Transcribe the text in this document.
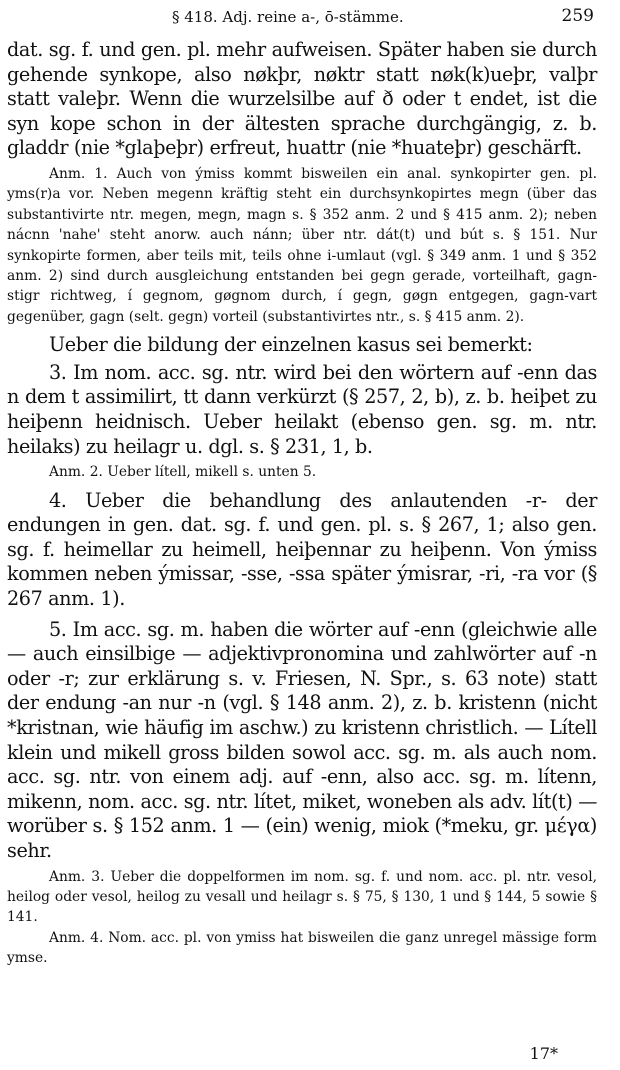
§ 418. Adj. reine a-, ō-stämme.	259

dat. sg. f. und gen. pl. mehr aufweisen. Später haben sie durch gehende synkope, also nøkþr, nøktr statt nøk(k)ueþr, valþr statt valeþr. Wenn die wurzelsilbe auf ð oder t endet, ist die syn kope schon in der ältesten sprache durchgängig, z. b. gladdr (nie *glaþeþr) erfreut, huattr (nie *huateþr) geschärft.

Anm. 1. Auch von ýmiss kommt bisweilen ein anal. synkopirter gen. pl. yms(r)a vor. Neben megenn kräftig steht ein durchsynkopirtes megn (über das substantivirte ntr. megen, megn, magn s. § 352 anm. 2 und § 415 anm. 2); neben nácnn 'nahe' steht anorw. auch nánn; über ntr. dát(t) und bút s. § 151. Nur synkopirte formen, aber teils mit, teils ohne i-umlaut (vgl. § 349 anm. 1 und § 352 anm. 2) sind durch ausgleichung entstanden bei gegn gerade, vorteilhaft, gagn-stigr richtweg, í gegnom, gøgnom durch, í gegn, gøgn entgegen, gagn-vart gegenüber, gagn (selt. gegn) vorteil (substantivirtes ntr., s. § 415 anm. 2).

Ueber die bildung der einzelnen kasus sei bemerkt:

3. Im nom. acc. sg. ntr. wird bei den wörtern auf -enn das n dem t assimilirt, tt dann verkürzt (§ 257, 2, b), z. b. heiþet zu heiþenn heidnisch. Ueber heilakt (ebenso gen. sg. m. ntr. heilaks) zu heilagr u. dgl. s. § 231, 1, b.

Anm. 2. Ueber lítell, mikell s. unten 5.

4. Ueber die behandlung des anlautenden -r- der endungen in gen. dat. sg. f. und gen. pl. s. § 267, 1; also gen. sg. f. heimellar zu heimell, heiþennar zu heiþenn. Von ýmiss kommen neben ýmissar, -sse, -ssa später ýmisrar, -ri, -ra vor (§ 267 anm. 1).

5. Im acc. sg. m. haben die wörter auf -enn (gleichwie alle — auch einsilbige — adjektivpronomina und zahlwörter auf -n oder -r; zur erklärung s. v. Friesen, N. Spr., s. 63 note) statt der endung -an nur -n (vgl. § 148 anm. 2), z. b. kristenn (nicht *kristnan, wie häufig im aschw.) zu kristenn christlich. — Lítell klein und mikell gross bilden sowol acc. sg. m. als auch nom. acc. sg. ntr. von einem adj. auf -enn, also acc. sg. m. lítenn, mikenn, nom. acc. sg. ntr. lítet, miket, woneben als adv. lít(t) — worüber s. § 152 anm. 1 — (ein) wenig, miok (*meku, gr. μέγα) sehr.

Anm. 3. Ueber die doppelformen im nom. sg. f. und nom. acc. pl. ntr. vesol, heilog oder vesol, heilog zu vesall und heilagr s. § 75, § 130, 1 und § 144, 5 sowie § 141.

Anm. 4. Nom. acc. pl. von ymiss hat bisweilen die ganz unregel mässige form ymse.

17*
